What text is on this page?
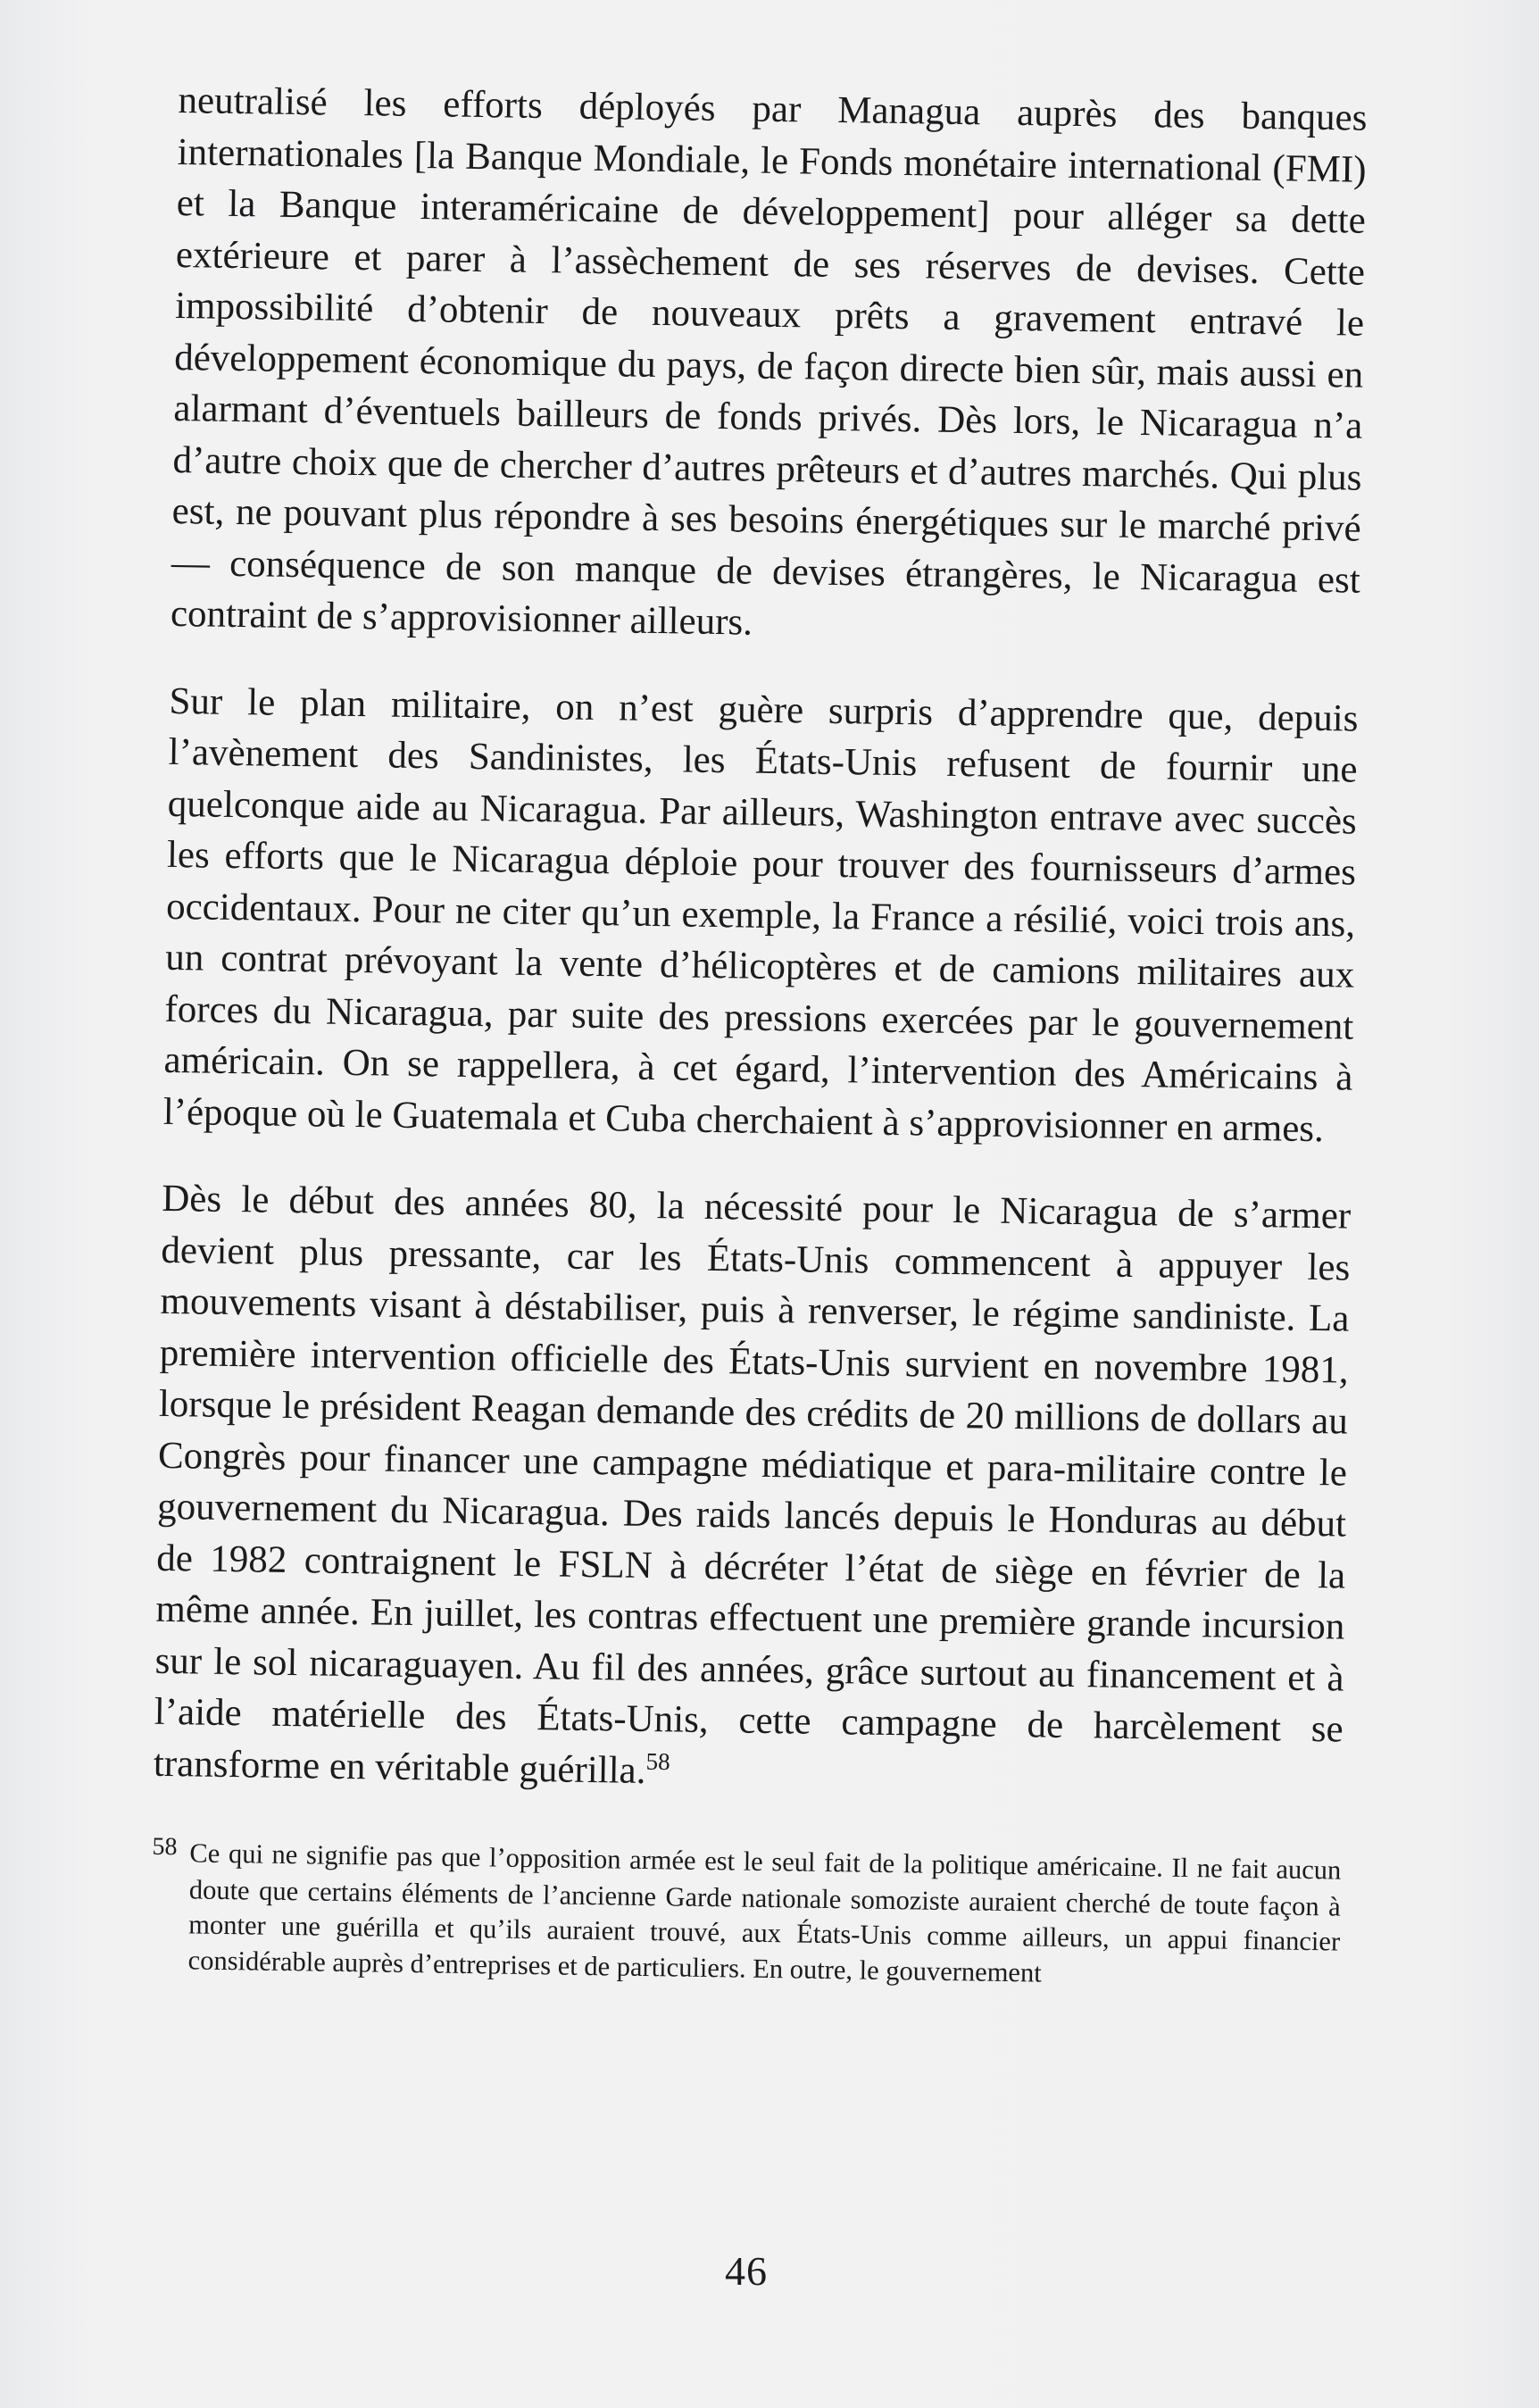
neutralisé les efforts déployés par Managua auprès des banques internationales [la Banque Mondiale, le Fonds monétaire international (FMI) et la Banque interaméricaine de développement] pour alléger sa dette extérieure et parer à l’assèchement de ses réserves de devises. Cette impossibilité d’obtenir de nouveaux prêts a gravement entravé le développement économique du pays, de façon directe bien sûr, mais aussi en alarmant d’éventuels bailleurs de fonds privés. Dès lors, le Nicaragua n’a d’autre choix que de chercher d’autres prêteurs et d’autres marchés. Qui plus est, ne pouvant plus répondre à ses besoins énergétiques sur le marché privé — conséquence de son manque de devises étrangères, le Nicaragua est contraint de s’approvisionner ailleurs.

Sur le plan militaire, on n’est guère surpris d’apprendre que, depuis l’avènement des Sandinistes, les États-Unis refusent de fournir une quelconque aide au Nicaragua. Par ailleurs, Washington entrave avec succès les efforts que le Nicaragua déploie pour trouver des fournisseurs d’armes occidentaux. Pour ne citer qu’un exemple, la France a résilié, voici trois ans, un contrat prévoyant la vente d’hélicoptères et de camions militaires aux forces du Nicaragua, par suite des pressions exercées par le gouvernement américain. On se rappellera, à cet égard, l’intervention des Américains à l’époque où le Guatemala et Cuba cherchaient à s’approvisionner en armes.

Dès le début des années 80, la nécessité pour le Nicaragua de s’armer devient plus pressante, car les États-Unis commencent à appuyer les mouvements visant à déstabiliser, puis à renverser, le régime sandiniste. La première intervention officielle des États-Unis survient en novembre 1981, lorsque le président Reagan demande des crédits de 20 millions de dollars au Congrès pour financer une campagne médiatique et para-militaire contre le gouvernement du Nicaragua. Des raids lancés depuis le Honduras au début de 1982 contraignent le FSLN à décréter l’état de siège en février de la même année. En juillet, les contras effectuent une première grande incursion sur le sol nicaraguayen. Au fil des années, grâce surtout au financement et à l’aide matérielle des États-Unis, cette campagne de harcèlement se transforme en véritable guérilla.$^{58}$

58 Ce qui ne signifie pas que l’opposition armée est le seul fait de la politique américaine. Il ne fait aucun doute que certains éléments de l’ancienne Garde nationale somoziste auraient cherché de toute façon à monter une guérilla et qu’ils auraient trouvé, aux États-Unis comme ailleurs, un appui financier considérable auprès d’entreprises et de particuliers. En outre, le gouvernement

46
